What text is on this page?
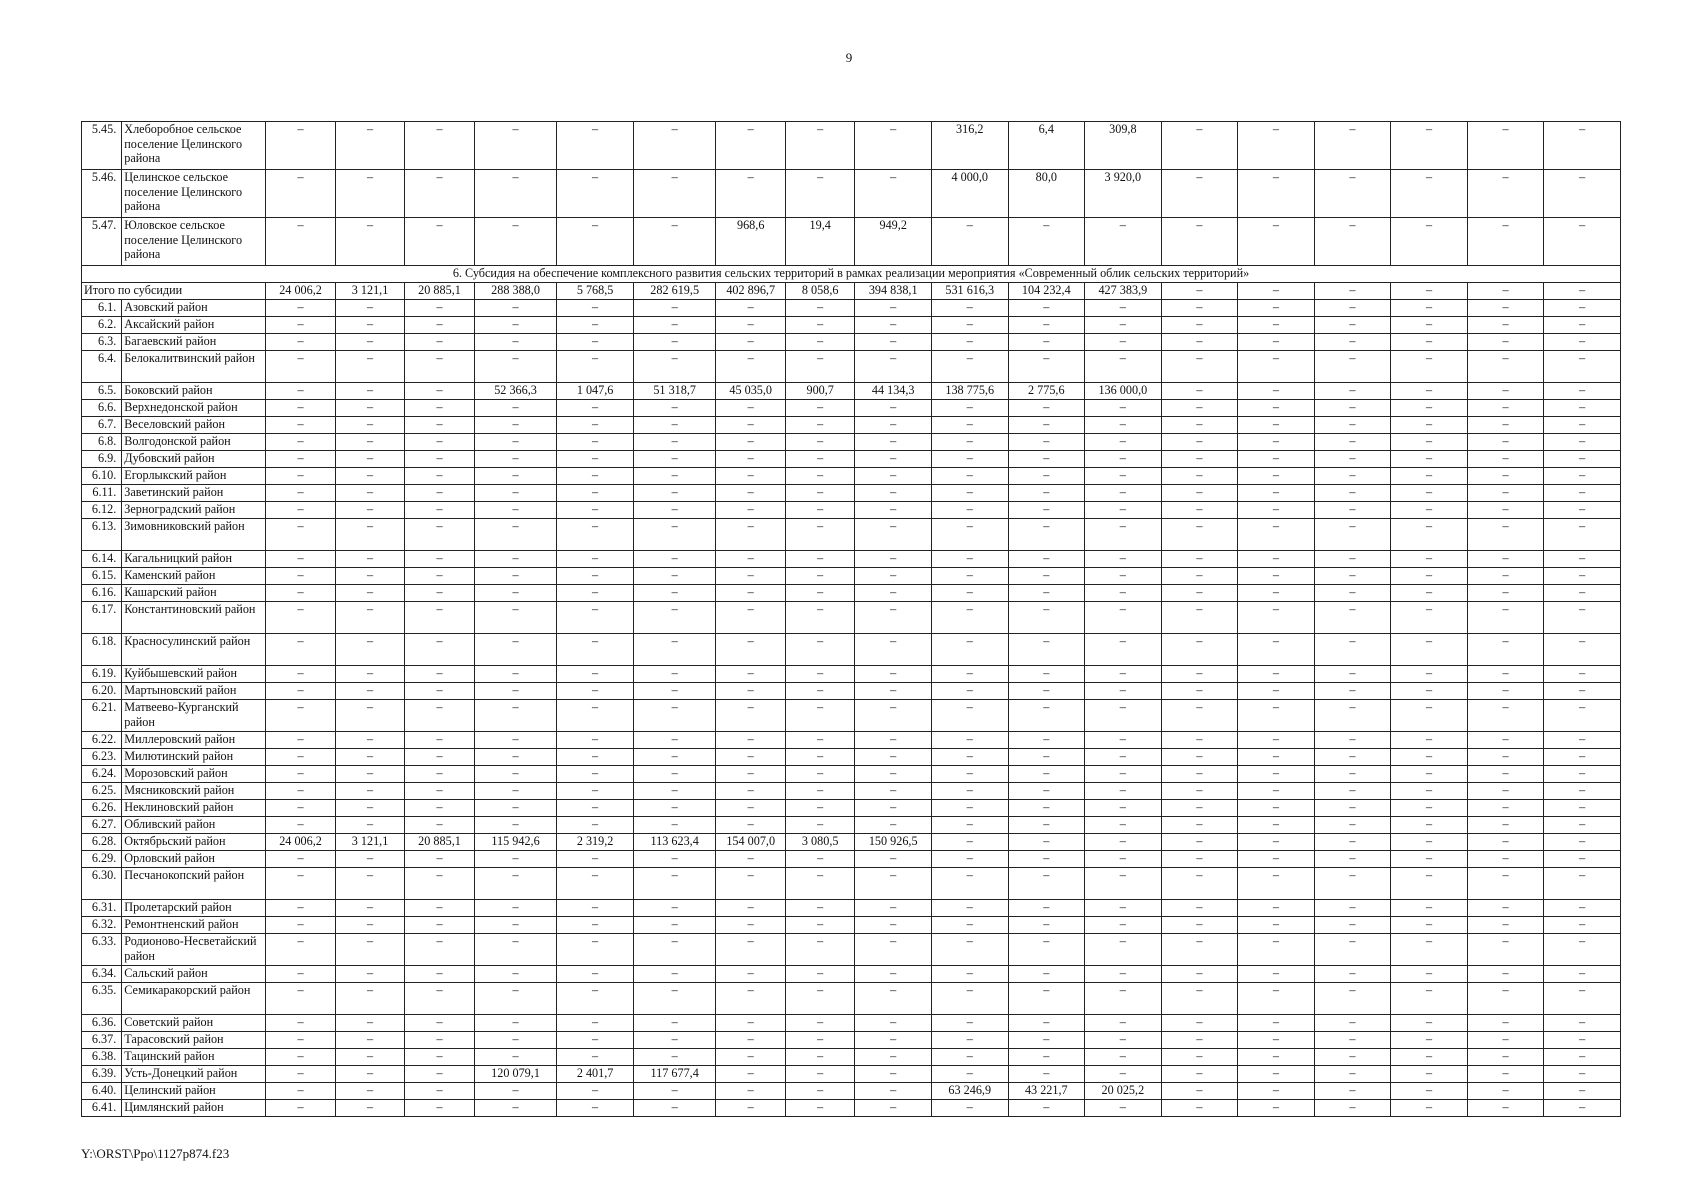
9
5.45.	Хлеборобное сельское поселение Целинского района	–	–	–	–	–	–	–	–	–	316,2	6,4	309,8	–	–	–	–	–	–
5.46.	Целинское сельское поселение Целинского района	–	–	–	–	–	–	–	–	–	4 000,0	80,0	3 920,0	–	–	–	–	–	–
5.47.	Юловское сельское поселение Целинского района	–	–	–	–	–	–	968,6	19,4	949,2	–	–	–	–	–	–	–	–	–
6. Субсидия на обеспечение комплексного развития сельских территорий в рамках реализации мероприятия «Современный облик сельских территорий»																			
Итого по субсидии		24 006,2	3 121,1	20 885,1	288 388,0	5 768,5	282 619,5	402 896,7	8 058,6	394 838,1	531 616,3	104 232,4	427 383,9	–	–	–	–	–	–
6.1.	Азовский район	–	–	–	–	–	–	–	–	–	–	–	–	–	–	–	–	–	–
6.2.	Аксайский район	–	–	–	–	–	–	–	–	–	–	–	–	–	–	–	–	–	–
6.3.	Багаевский район	–	–	–	–	–	–	–	–	–	–	–	–	–	–	–	–	–	–
6.4.	Белокалитвинский район	–	–	–	–	–	–	–	–	–	–	–	–	–	–	–	–	–	–
6.5.	Боковский район	–	–	–	52 366,3	1 047,6	51 318,7	45 035,0	900,7	44 134,3	138 775,6	2 775,6	136 000,0	–	–	–	–	–	–
6.6.	Верхнедонской район	–	–	–	–	–	–	–	–	–	–	–	–	–	–	–	–	–	–
6.7.	Веселовский район	–	–	–	–	–	–	–	–	–	–	–	–	–	–	–	–	–	–
6.8.	Волгодонской район	–	–	–	–	–	–	–	–	–	–	–	–	–	–	–	–	–	–
6.9.	Дубовский район	–	–	–	–	–	–	–	–	–	–	–	–	–	–	–	–	–	–
6.10.	Егорлыкский район	–	–	–	–	–	–	–	–	–	–	–	–	–	–	–	–	–	–
6.11.	Заветинский район	–	–	–	–	–	–	–	–	–	–	–	–	–	–	–	–	–	–
6.12.	Зерноградский район	–	–	–	–	–	–	–	–	–	–	–	–	–	–	–	–	–	–
6.13.	Зимовниковский район	–	–	–	–	–	–	–	–	–	–	–	–	–	–	–	–	–	–
6.14.	Кагальницкий район	–	–	–	–	–	–	–	–	–	–	–	–	–	–	–	–	–	–
6.15.	Каменский район	–	–	–	–	–	–	–	–	–	–	–	–	–	–	–	–	–	–
6.16.	Кашарский район	–	–	–	–	–	–	–	–	–	–	–	–	–	–	–	–	–	–
6.17.	Константиновский район	–	–	–	–	–	–	–	–	–	–	–	–	–	–	–	–	–	–
6.18.	Красносулинский район	–	–	–	–	–	–	–	–	–	–	–	–	–	–	–	–	–	–
6.19.	Куйбышевский район	–	–	–	–	–	–	–	–	–	–	–	–	–	–	–	–	–	–
6.20.	Мартыновский район	–	–	–	–	–	–	–	–	–	–	–	–	–	–	–	–	–	–
6.21.	Матвеево-Курганский район	–	–	–	–	–	–	–	–	–	–	–	–	–	–	–	–	–	–
6.22.	Миллеровский район	–	–	–	–	–	–	–	–	–	–	–	–	–	–	–	–	–	–
6.23.	Милютинский район	–	–	–	–	–	–	–	–	–	–	–	–	–	–	–	–	–	–
6.24.	Морозовский район	–	–	–	–	–	–	–	–	–	–	–	–	–	–	–	–	–	–
6.25.	Мясниковский район	–	–	–	–	–	–	–	–	–	–	–	–	–	–	–	–	–	–
6.26.	Неклиновский район	–	–	–	–	–	–	–	–	–	–	–	–	–	–	–	–	–	–
6.27.	Обливский район	–	–	–	–	–	–	–	–	–	–	–	–	–	–	–	–	–	–
6.28.	Октябрьский район	24 006,2	3 121,1	20 885,1	115 942,6	2 319,2	113 623,4	154 007,0	3 080,5	150 926,5	–	–	–	–	–	–	–	–	–
6.29.	Орловский район	–	–	–	–	–	–	–	–	–	–	–	–	–	–	–	–	–	–
6.30.	Песчанокопский район	–	–	–	–	–	–	–	–	–	–	–	–	–	–	–	–	–	–
6.31.	Пролетарский район	–	–	–	–	–	–	–	–	–	–	–	–	–	–	–	–	–	–
6.32.	Ремонтненский район	–	–	–	–	–	–	–	–	–	–	–	–	–	–	–	–	–	–
6.33.	Родионово-Несветайский район	–	–	–	–	–	–	–	–	–	–	–	–	–	–	–	–	–	–
6.34.	Сальский район	–	–	–	–	–	–	–	–	–	–	–	–	–	–	–	–	–	–
6.35.	Семикаракорский район	–	–	–	–	–	–	–	–	–	–	–	–	–	–	–	–	–	–
6.36.	Советский район	–	–	–	–	–	–	–	–	–	–	–	–	–	–	–	–	–	–
6.37.	Тарасовский район	–	–	–	–	–	–	–	–	–	–	–	–	–	–	–	–	–	–
6.38.	Тацинский район	–	–	–	–	–	–	–	–	–	–	–	–	–	–	–	–	–	–
6.39.	Усть-Донецкий район	–	–	–	120 079,1	2 401,7	117 677,4	–	–	–	–	–	–	–	–	–	–	–	–
6.40.	Целинский район	–	–	–	–	–	–	–	–	–	63 246,9	43 221,7	20 025,2	–	–	–	–	–	–
6.41.	Цимлянский район	–	–	–	–	–	–	–	–	–	–	–	–	–	–	–	–	–	–
Y:\ORST\Ppo\1127p874.f23
